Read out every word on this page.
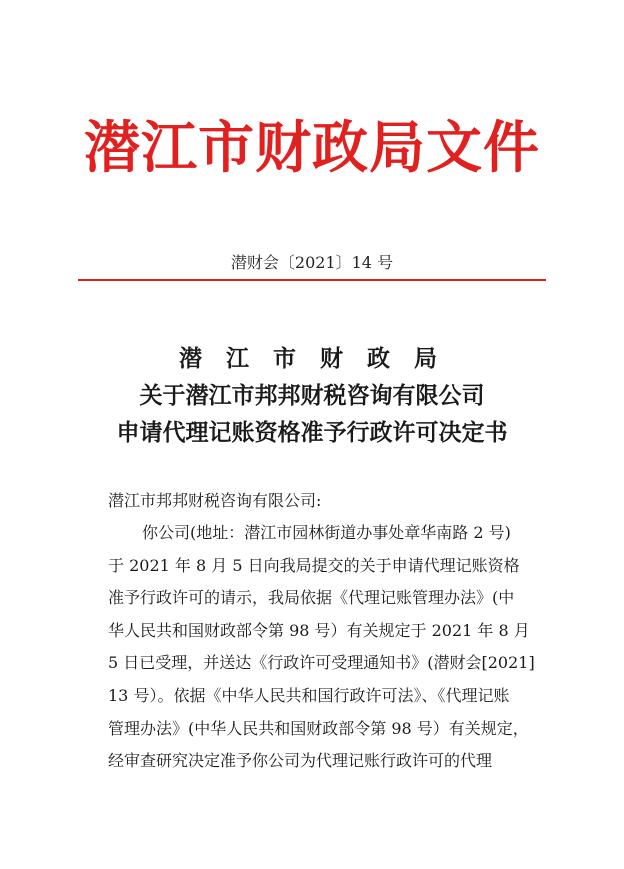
潜江市财政局文件
潜财会〔2021〕14 号
潜 江 市 财 政 局
关于潜江市邦邦财税咨询有限公司
申请代理记账资格准予行政许可决定书
潜江市邦邦财税咨询有限公司:
你公司(地址：潜江市园林街道办事处章华南路 2 号)
于 2021 年 8 月 5 日向我局提交的关于申请代理记账资格
准予行政许可的请示，我局依据《代理记账管理办法》(中
华人民共和国财政部令第 98 号）有关规定于 2021 年 8 月
5 日已受理，并送达《行政许可受理通知书》(潜财会[2021]
13 号）。依据《中华人民共和国行政许可法》、《代理记账
管理办法》(中华人民共和国财政部令第 98 号）有关规定，
经审查研究决定准予你公司为代理记账行政许可的代理
